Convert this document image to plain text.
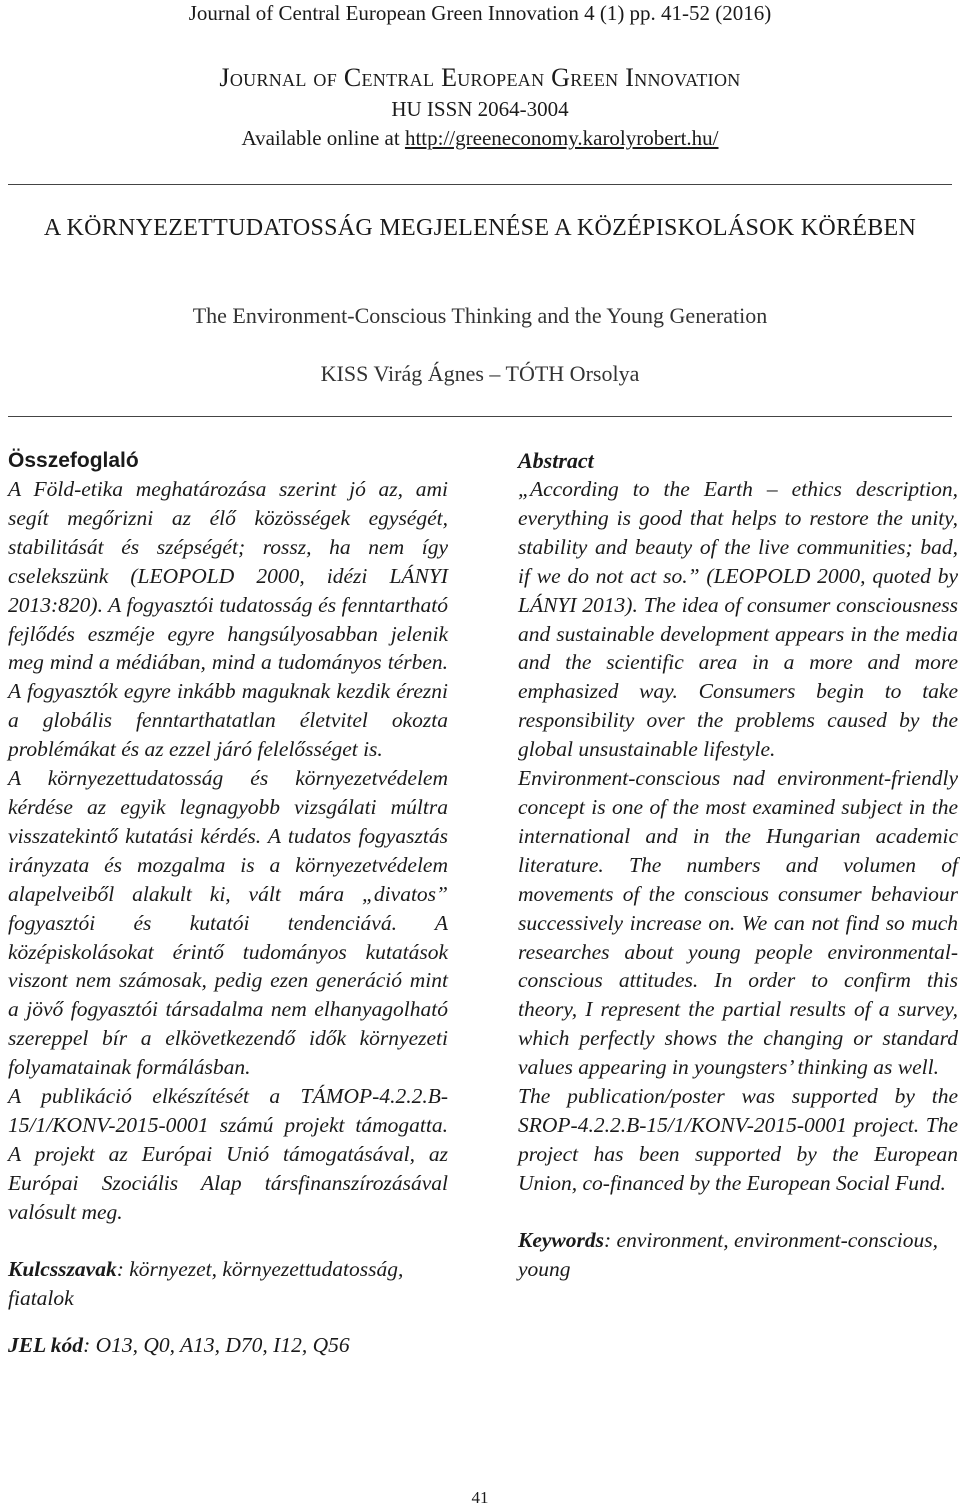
Journal of Central European Green Innovation 4 (1) pp. 41-52 (2016)
Journal of Central European Green Innovation
HU ISSN 2064-3004
Available online at http://greeneconomy.karolyrobert.hu/
A KÖRNYEZETTUDATOSSÁG MEGJELENÉSE A KÖZÉPISKOLÁSOK KÖRÉBEN
The Environment-Conscious Thinking and the Young Generation
KISS Virág Ágnes – TÓTH Orsolya
Összefoglaló

A Föld-etika meghatározása szerint jó az, ami segít megőrizni az élő közösségek egységét, stabilitását és szépségét; rossz, ha nem így cselekszünk (LEOPOLD 2000, idézi LÁNYI 2013:820). A fogyasztói tudatosság és fenntartható fejlődés eszméje egyre hangsúlyosabban jelenik meg mind a médiában, mind a tudományos térben. A fogyasztók egyre inkább maguknak kezdik érezni a globális fenntarthatatlan életvitel okozta problémákat és az ezzel járó felelősséget is.

A környezettudatosság és környezetvédelem kérdése az egyik legnagyobb vizsgálati múltra visszatekintő kutatási kérdés. A tudatos fogyasztás irányzata és mozgalma is a környezetvédelem alapelveiből alakult ki, vált mára „divatos” fogyasztói és kutatói tendenciává. A középiskolásokat érintő tudományos kutatások viszont nem számosak, pedig ezen generáció mint a jövő fogyasztói társadalma nem elhanyagolható szereppel bír a elkövetkezendő idők környezeti folyamatainak formálásban.

A publikáció elkészítését a TÁMOP-4.2.2.B-15/1/KONV-2015-0001 számú projekt támogatta. A projekt az Európai Unió támogatásával, az Európai Szociális Alap társfinanszírozásával valósult meg.

Kulcsszavak: környezet, környezettudatosság, fiatalok
JEL kód: O13, Q0, A13, D70, I12, Q56
Abstract

„According to the Earth – ethics description, everything is good that helps to restore the unity, stability and beauty of the live communities; bad, if we do not act so.” (LEOPOLD 2000, quoted by LÁNYI 2013). The idea of consumer consciousness and sustainable development appears in the media and the scientific area in a more and more emphasized way. Consumers begin to take responsibility over the problems caused by the global unsustainable lifestyle.

Environment-conscious nad environment-friendly concept is one of the most examined subject in the international and in the Hungarian academic literature. The numbers and volumen of movements of the conscious consumer behaviour successively increase on. We can not find so much researches about young people environmental-conscious attitudes. In order to confirm this theory, I represent the partial results of a survey, which perfectly shows the changing or standard values appearing in youngsters’ thinking as well.

The publication/poster was supported by the SROP-4.2.2.B-15/1/KONV-2015-0001 project. The project has been supported by the European Union, co-financed by the European Social Fund.

Keywords: environment, environment-conscious, young
41
